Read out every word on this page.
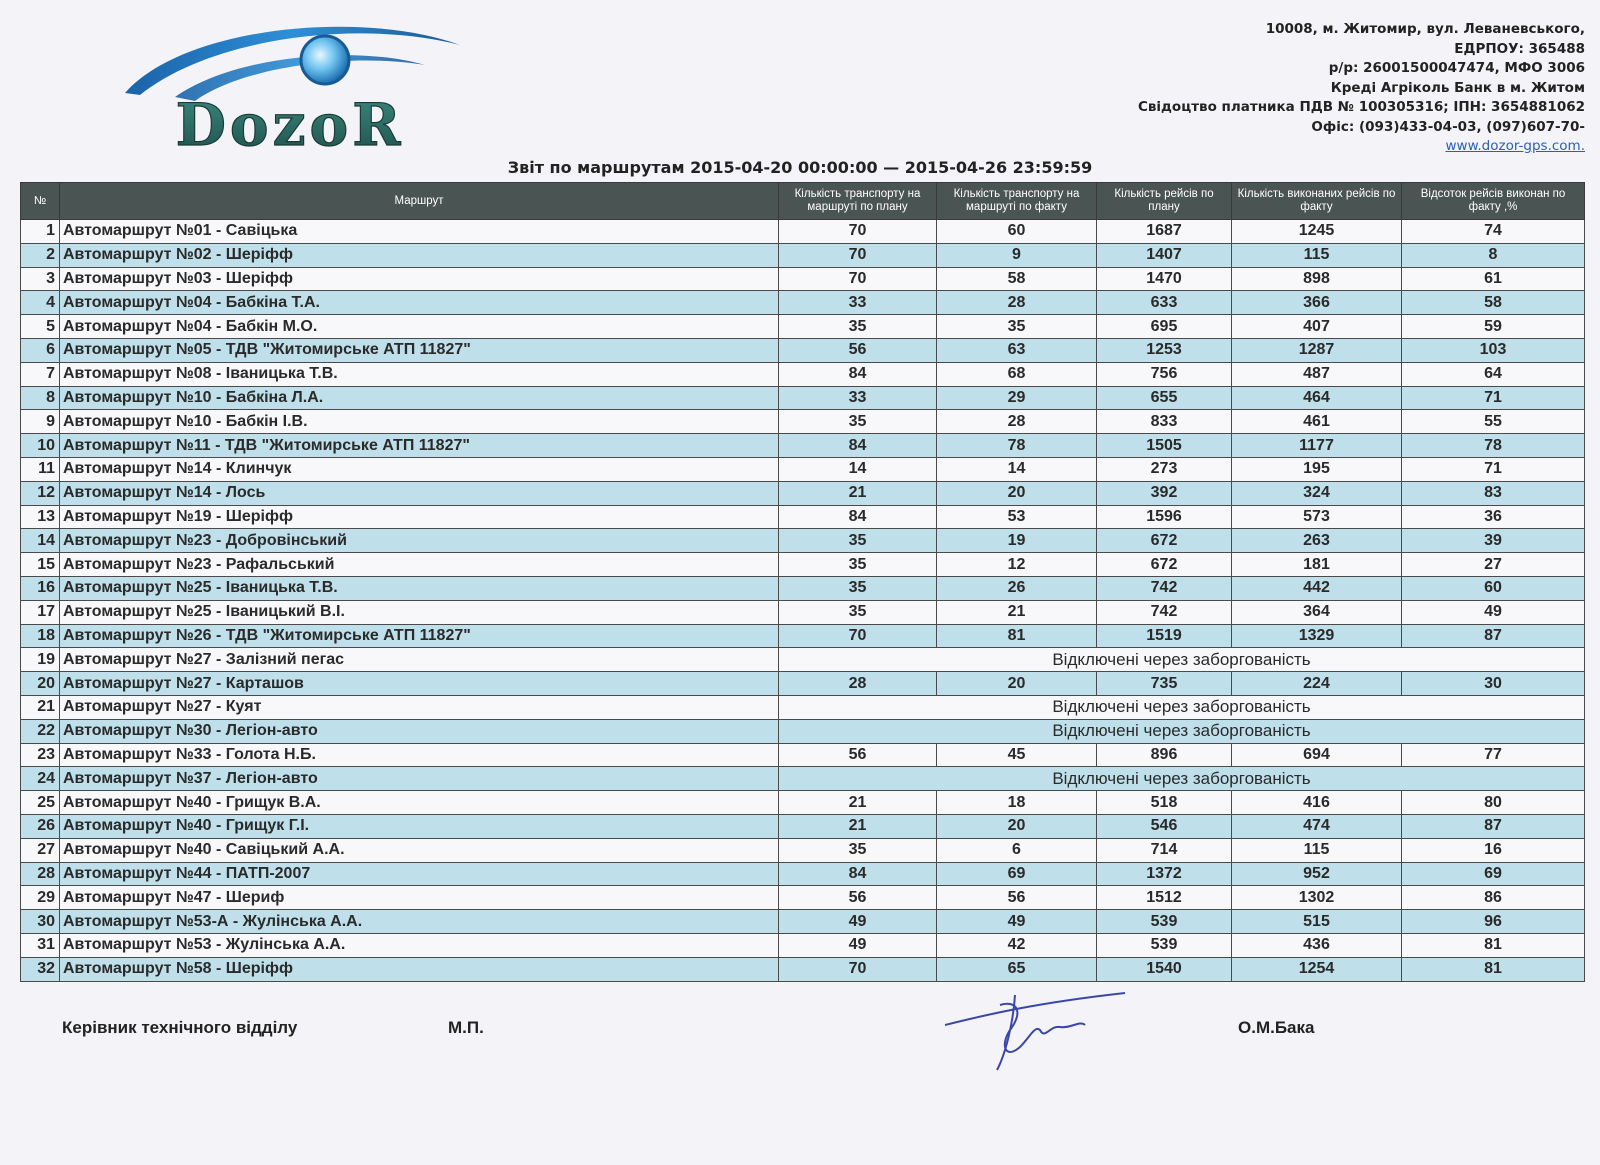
DozoR
10008, м. Житомир, вул. Леваневського,
ЕДРПОУ: 365488
р/р: 26001500047474, МФО 3006
Креді Агріколь Банк в м. Житом
Свідоцтво платника ПДВ № 100305316; ІПН: 3654881062
Офіс: (093)433-04-03, (097)607-70-
www.dozor-gps.com.
Звіт по маршрутам 2015-04-20 00:00:00 — 2015-04-26 23:59:59
№	Маршрут	Кількість транспорту на маршруті по плану	Кількість транспорту на маршруті по факту	Кількість рейсів по плану	Кількість виконаних рейсів по факту	Відсоток рейсів виконан по факту ,%
1	Автомаршрут №01 - Савіцька	70	60	1687	1245	74
2	Автомаршрут №02 - Шеріфф	70	9	1407	115	8
3	Автомаршрут №03 - Шеріфф	70	58	1470	898	61
4	Автомаршрут №04 - Бабкіна Т.А.	33	28	633	366	58
5	Автомаршрут №04 - Бабкін М.О.	35	35	695	407	59
6	Автомаршрут №05 - ТДВ "Житомирське АТП 11827"	56	63	1253	1287	103
7	Автомаршрут №08 - Іваницька Т.В.	84	68	756	487	64
8	Автомаршрут №10 - Бабкіна Л.А.	33	29	655	464	71
9	Автомаршрут №10 - Бабкін І.В.	35	28	833	461	55
10	Автомаршрут №11 - ТДВ "Житомирське АТП 11827"	84	78	1505	1177	78
11	Автомаршрут №14 - Клинчук	14	14	273	195	71
12	Автомаршрут №14 - Лось	21	20	392	324	83
13	Автомаршрут №19 - Шеріфф	84	53	1596	573	36
14	Автомаршрут №23 - Добровінський	35	19	672	263	39
15	Автомаршрут №23 - Рафальський	35	12	672	181	27
16	Автомаршрут №25 - Іваницька Т.В.	35	26	742	442	60
17	Автомаршрут №25 - Іваницький В.І.	35	21	742	364	49
18	Автомаршрут №26 - ТДВ "Житомирське АТП 11827"	70	81	1519	1329	87
19	Автомаршрут №27 - Залізний пегас	Відключені через заборгованість				
20	Автомаршрут №27 - Карташов	28	20	735	224	30
21	Автомаршрут №27 - Куят	Відключені через заборгованість				
22	Автомаршрут №30 - Легіон-авто	Відключені через заборгованість				
23	Автомаршрут №33 - Голота Н.Б.	56	45	896	694	77
24	Автомаршрут №37 - Легіон-авто	Відключені через заборгованість				
25	Автомаршрут №40 - Грищук В.А.	21	18	518	416	80
26	Автомаршрут №40 - Грищук Г.І.	21	20	546	474	87
27	Автомаршрут №40 - Савіцький А.А.	35	6	714	115	16
28	Автомаршрут №44 - ПАТП-2007	84	69	1372	952	69
29	Автомаршрут №47 - Шериф	56	56	1512	1302	86
30	Автомаршрут №53-А - Жулінська А.А.	49	49	539	515	96
31	Автомаршрут №53 - Жулінська А.А.	49	42	539	436	81
32	Автомаршрут №58 - Шеріфф	70	65	1540	1254	81
Керівник технічного відділу	М.П.	О.М.Бака
